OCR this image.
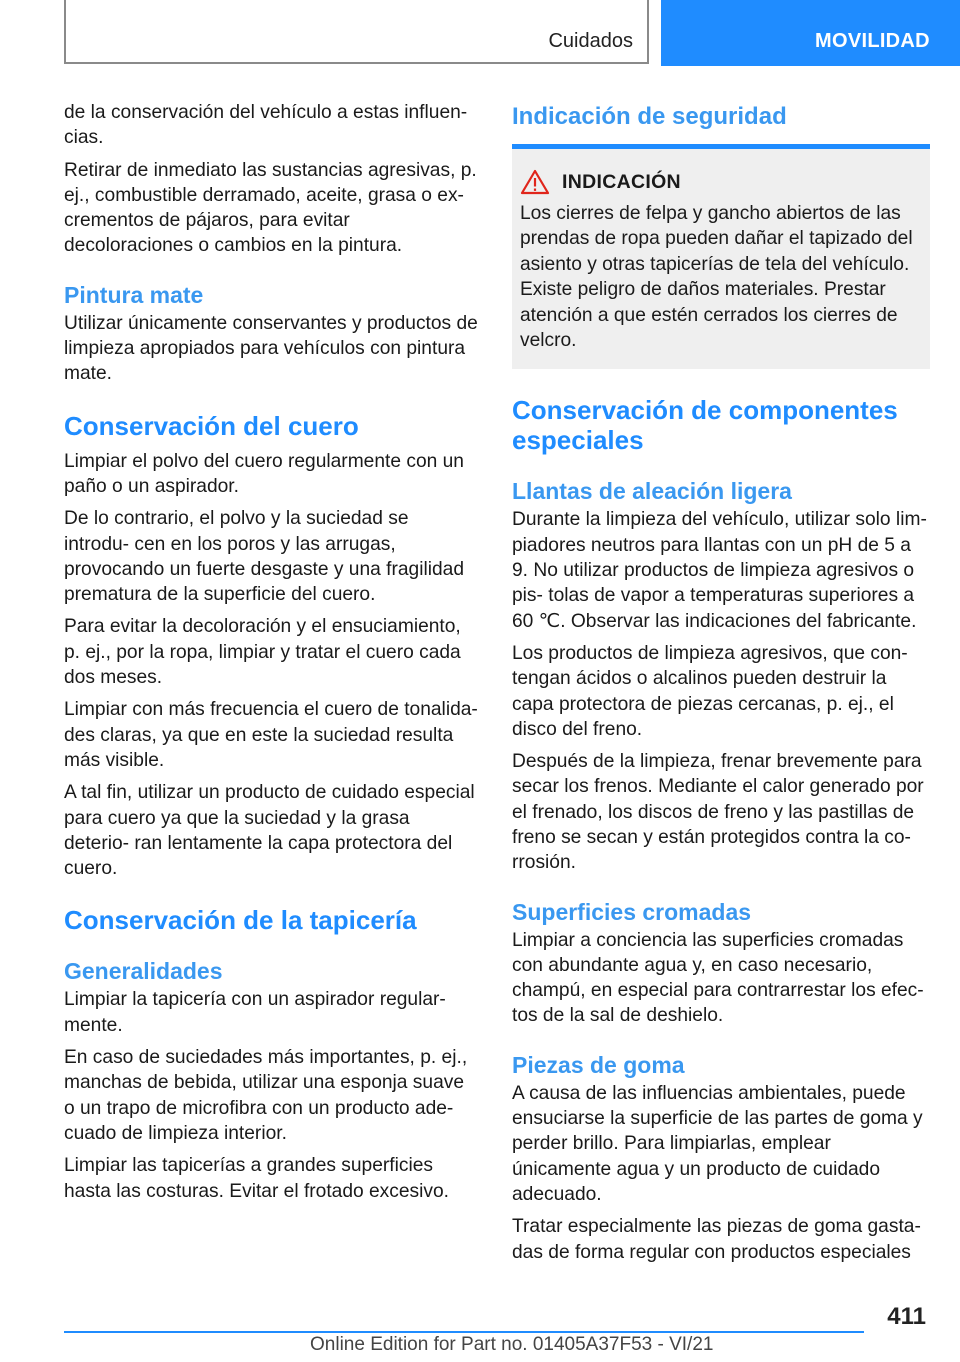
Cuidados	MOVILIDAD

de la conservación del vehículo a estas influen‐ cias.

Retirar de inmediato las sustancias agresivas, p. ej., combustible derramado, aceite, grasa o ex‐ crementos de pájaros, para evitar decoloraciones o cambios en la pintura.

Pintura mate

Utilizar únicamente conservantes y productos de limpieza apropiados para vehículos con pintura mate.

Conservación del cuero

Limpiar el polvo del cuero regularmente con un paño o un aspirador.

De lo contrario, el polvo y la suciedad se introdu‐ cen en los poros y las arrugas, provocando un fuerte desgaste y una fragilidad prematura de la superficie del cuero.

Para evitar la decoloración y el ensuciamiento, p. ej., por la ropa, limpiar y tratar el cuero cada dos meses.

Limpiar con más frecuencia el cuero de tonalida‐ des claras, ya que en este la suciedad resulta más visible.

A tal fin, utilizar un producto de cuidado especial para cuero ya que la suciedad y la grasa deterio‐ ran lentamente la capa protectora del cuero.

Conservación de la tapicería
Generalidades

Limpiar la tapicería con un aspirador regular‐ mente.

En caso de suciedades más importantes, p. ej., manchas de bebida, utilizar una esponja suave o un trapo de microfibra con un producto ade‐ cuado de limpieza interior.

Limpiar las tapicerías a grandes superficies hasta las costuras. Evitar el frotado excesivo.

Indicación de seguridad
INDICACIÓN

Los cierres de felpa y gancho abiertos de las prendas de ropa pueden dañar el tapizado del asiento y otras tapicerías de tela del vehículo. Existe peligro de daños materiales. Prestar atención a que estén cerrados los cierres de velcro.

Conservación de componentes especiales
Llantas de aleación ligera

Durante la limpieza del vehículo, utilizar solo lim‐ piadores neutros para llantas con un pH de 5 a 9. No utilizar productos de limpieza agresivos o pis‐ tolas de vapor a temperaturas superiores a 60 ℃. Observar las indicaciones del fabricante.

Los productos de limpieza agresivos, que con‐ tengan ácidos o alcalinos pueden destruir la capa protectora de piezas cercanas, p. ej., el disco del freno.

Después de la limpieza, frenar brevemente para secar los frenos. Mediante el calor generado por el frenado, los discos de freno y las pastillas de freno se secan y están protegidos contra la co‐ rrosión.

Superficies cromadas

Limpiar a conciencia las superficies cromadas con abundante agua y, en caso necesario, champú, en especial para contrarrestar los efec‐ tos de la sal de deshielo.

Piezas de goma

A causa de las influencias ambientales, puede ensuciarse la superficie de las partes de goma y perder brillo. Para limpiarlas, emplear únicamente agua y un producto de cuidado adecuado.

Tratar especialmente las piezas de goma gasta‐ das de forma regular con productos especiales

411
Online Edition for Part no. 01405A37F53 - VI/21
